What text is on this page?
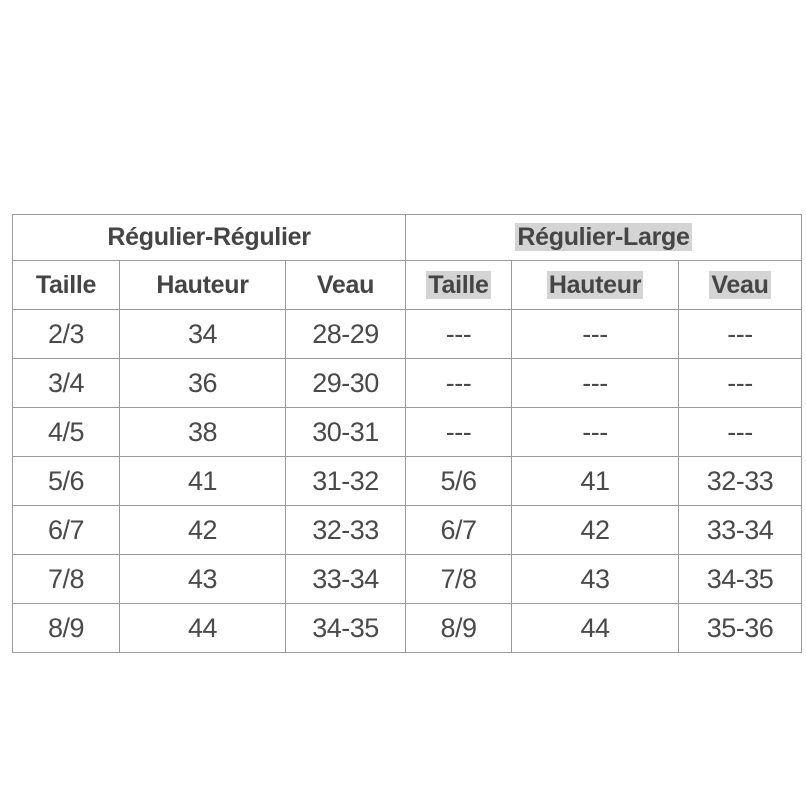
Régulier-Régulier			Régulier-Large		
Taille	Hauteur	Veau	Taille	Hauteur	Veau
2/3	34	28-29	---	---	---
3/4	36	29-30	---	---	---
4/5	38	30-31	---	---	---
5/6	41	31-32	5/6	41	32-33
6/7	42	32-33	6/7	42	33-34
7/8	43	33-34	7/8	43	34-35
8/9	44	34-35	8/9	44	35-36
